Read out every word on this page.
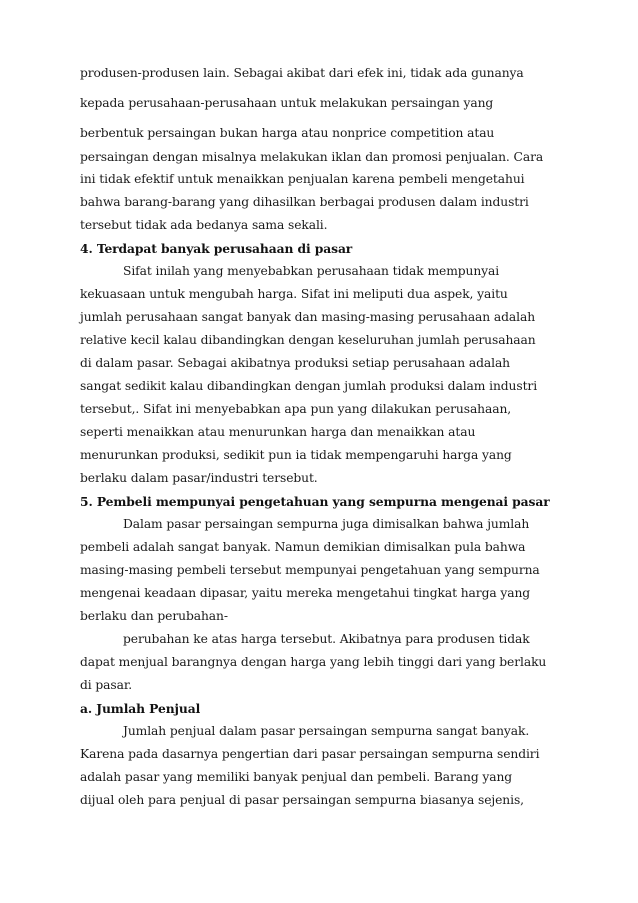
produsen-produsen lain. Sebagai akibat dari efek ini, tidak ada gunanya
kepada perusahaan-perusahaan untuk melakukan persaingan yang
berbentuk persaingan bukan harga atau nonprice competition atau
persaingan dengan misalnya melakukan iklan dan promosi penjualan. Cara
ini tidak efektif untuk menaikkan penjualan karena pembeli mengetahui
bahwa barang-barang yang dihasilkan berbagai produsen dalam industri
tersebut tidak ada bedanya sama sekali.
4. Terdapat banyak perusahaan di pasar
Sifat inilah yang menyebabkan perusahaan tidak mempunyai
kekuasaan untuk mengubah harga. Sifat ini meliputi dua aspek, yaitu
jumlah perusahaan sangat banyak dan masing-masing perusahaan adalah
relative kecil kalau dibandingkan dengan keseluruhan jumlah perusahaan
di dalam pasar. Sebagai akibatnya produksi setiap perusahaan adalah
sangat sedikit kalau dibandingkan dengan jumlah produksi dalam industri
tersebut,. Sifat ini menyebabkan apa pun yang dilakukan perusahaan,
seperti menaikkan atau menurunkan harga dan menaikkan atau
menurunkan produksi, sedikit pun ia tidak mempengaruhi harga yang
berlaku dalam pasar/industri tersebut.
5. Pembeli mempunyai pengetahuan yang sempurna mengenai pasar
Dalam pasar persaingan sempurna juga dimisalkan bahwa jumlah
pembeli adalah sangat banyak. Namun demikian dimisalkan pula bahwa
masing-masing pembeli tersebut mempunyai pengetahuan yang sempurna
mengenai keadaan dipasar, yaitu mereka mengetahui tingkat harga yang
berlaku dan perubahan-
perubahan ke atas harga tersebut. Akibatnya para produsen tidak
dapat menjual barangnya dengan harga yang lebih tinggi dari yang berlaku
di pasar.
a. Jumlah Penjual
Jumlah penjual dalam pasar persaingan sempurna sangat banyak.
Karena pada dasarnya pengertian dari pasar persaingan sempurna sendiri
adalah pasar yang memiliki banyak penjual dan pembeli. Barang yang
dijual oleh para penjual di pasar persaingan sempurna biasanya sejenis,
